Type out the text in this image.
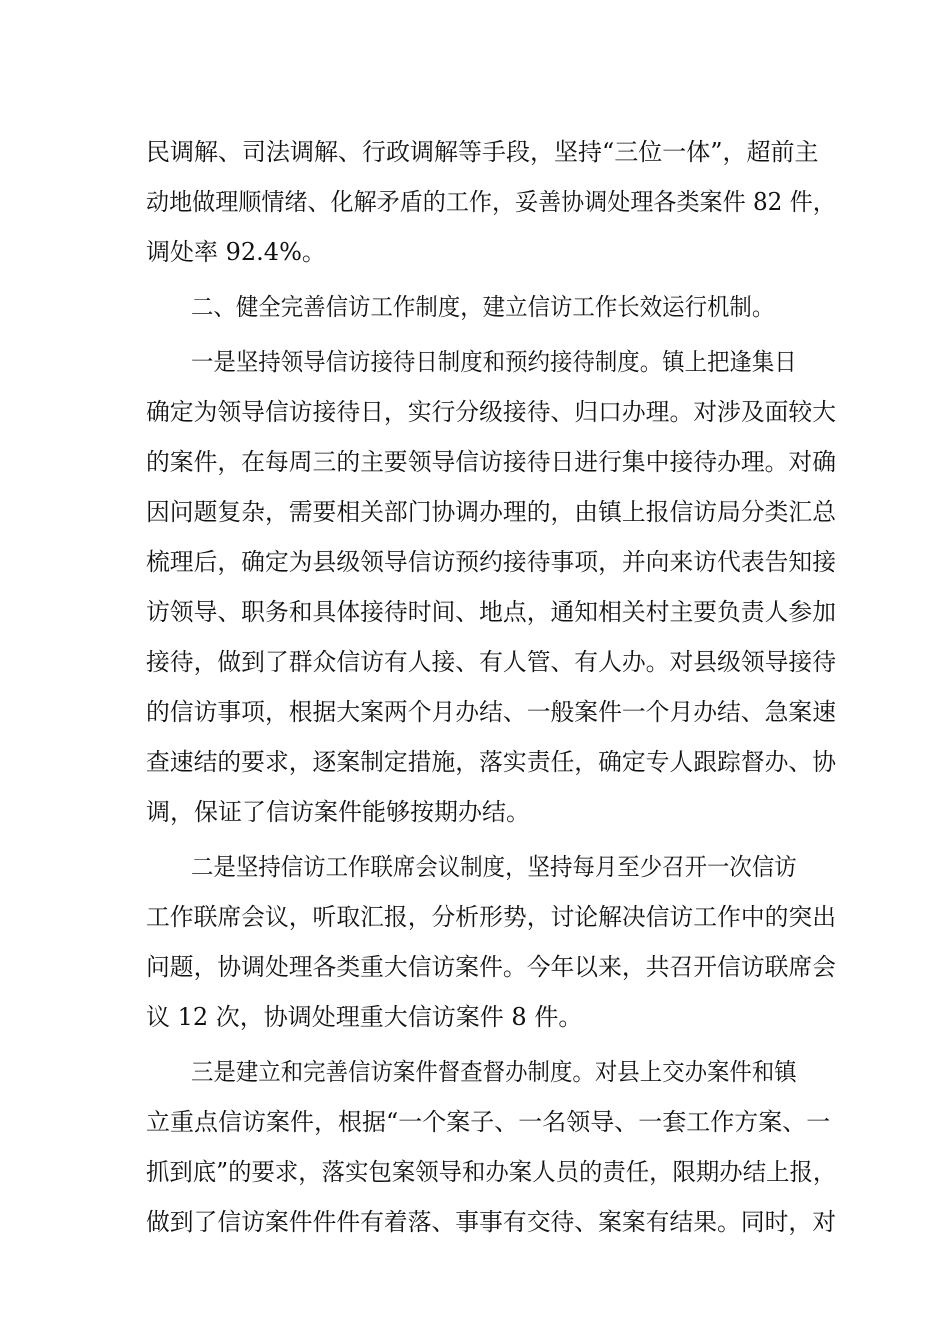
民调解、司法调解、行政调解等手段，坚持“三位一体”，超前主
动地做理顺情绪、化解矛盾的工作，妥善协调处理各类案件 82 件，
调处率 92.4%。
二、健全完善信访工作制度，建立信访工作长效运行机制。
一是坚持领导信访接待日制度和预约接待制度。镇上把逢集日
确定为领导信访接待日，实行分级接待、归口办理。对涉及面较大
的案件，在每周三的主要领导信访接待日进行集中接待办理。对确
因问题复杂，需要相关部门协调办理的，由镇上报信访局分类汇总
梳理后，确定为县级领导信访预约接待事项，并向来访代表告知接
访领导、职务和具体接待时间、地点，通知相关村主要负责人参加
接待，做到了群众信访有人接、有人管、有人办。对县级领导接待
的信访事项，根据大案两个月办结、一般案件一个月办结、急案速
查速结的要求，逐案制定措施，落实责任，确定专人跟踪督办、协
调，保证了信访案件能够按期办结。
二是坚持信访工作联席会议制度，坚持每月至少召开一次信访
工作联席会议，听取汇报，分析形势，讨论解决信访工作中的突出
问题，协调处理各类重大信访案件。今年以来，共召开信访联席会
议 12 次，协调处理重大信访案件 8 件。
三是建立和完善信访案件督查督办制度。对县上交办案件和镇
立重点信访案件，根据“一个案子、一名领导、一套工作方案、一
抓到底”的要求，落实包案领导和办案人员的责任，限期办结上报，
做到了信访案件件件有着落、事事有交待、案案有结果。同时，对
